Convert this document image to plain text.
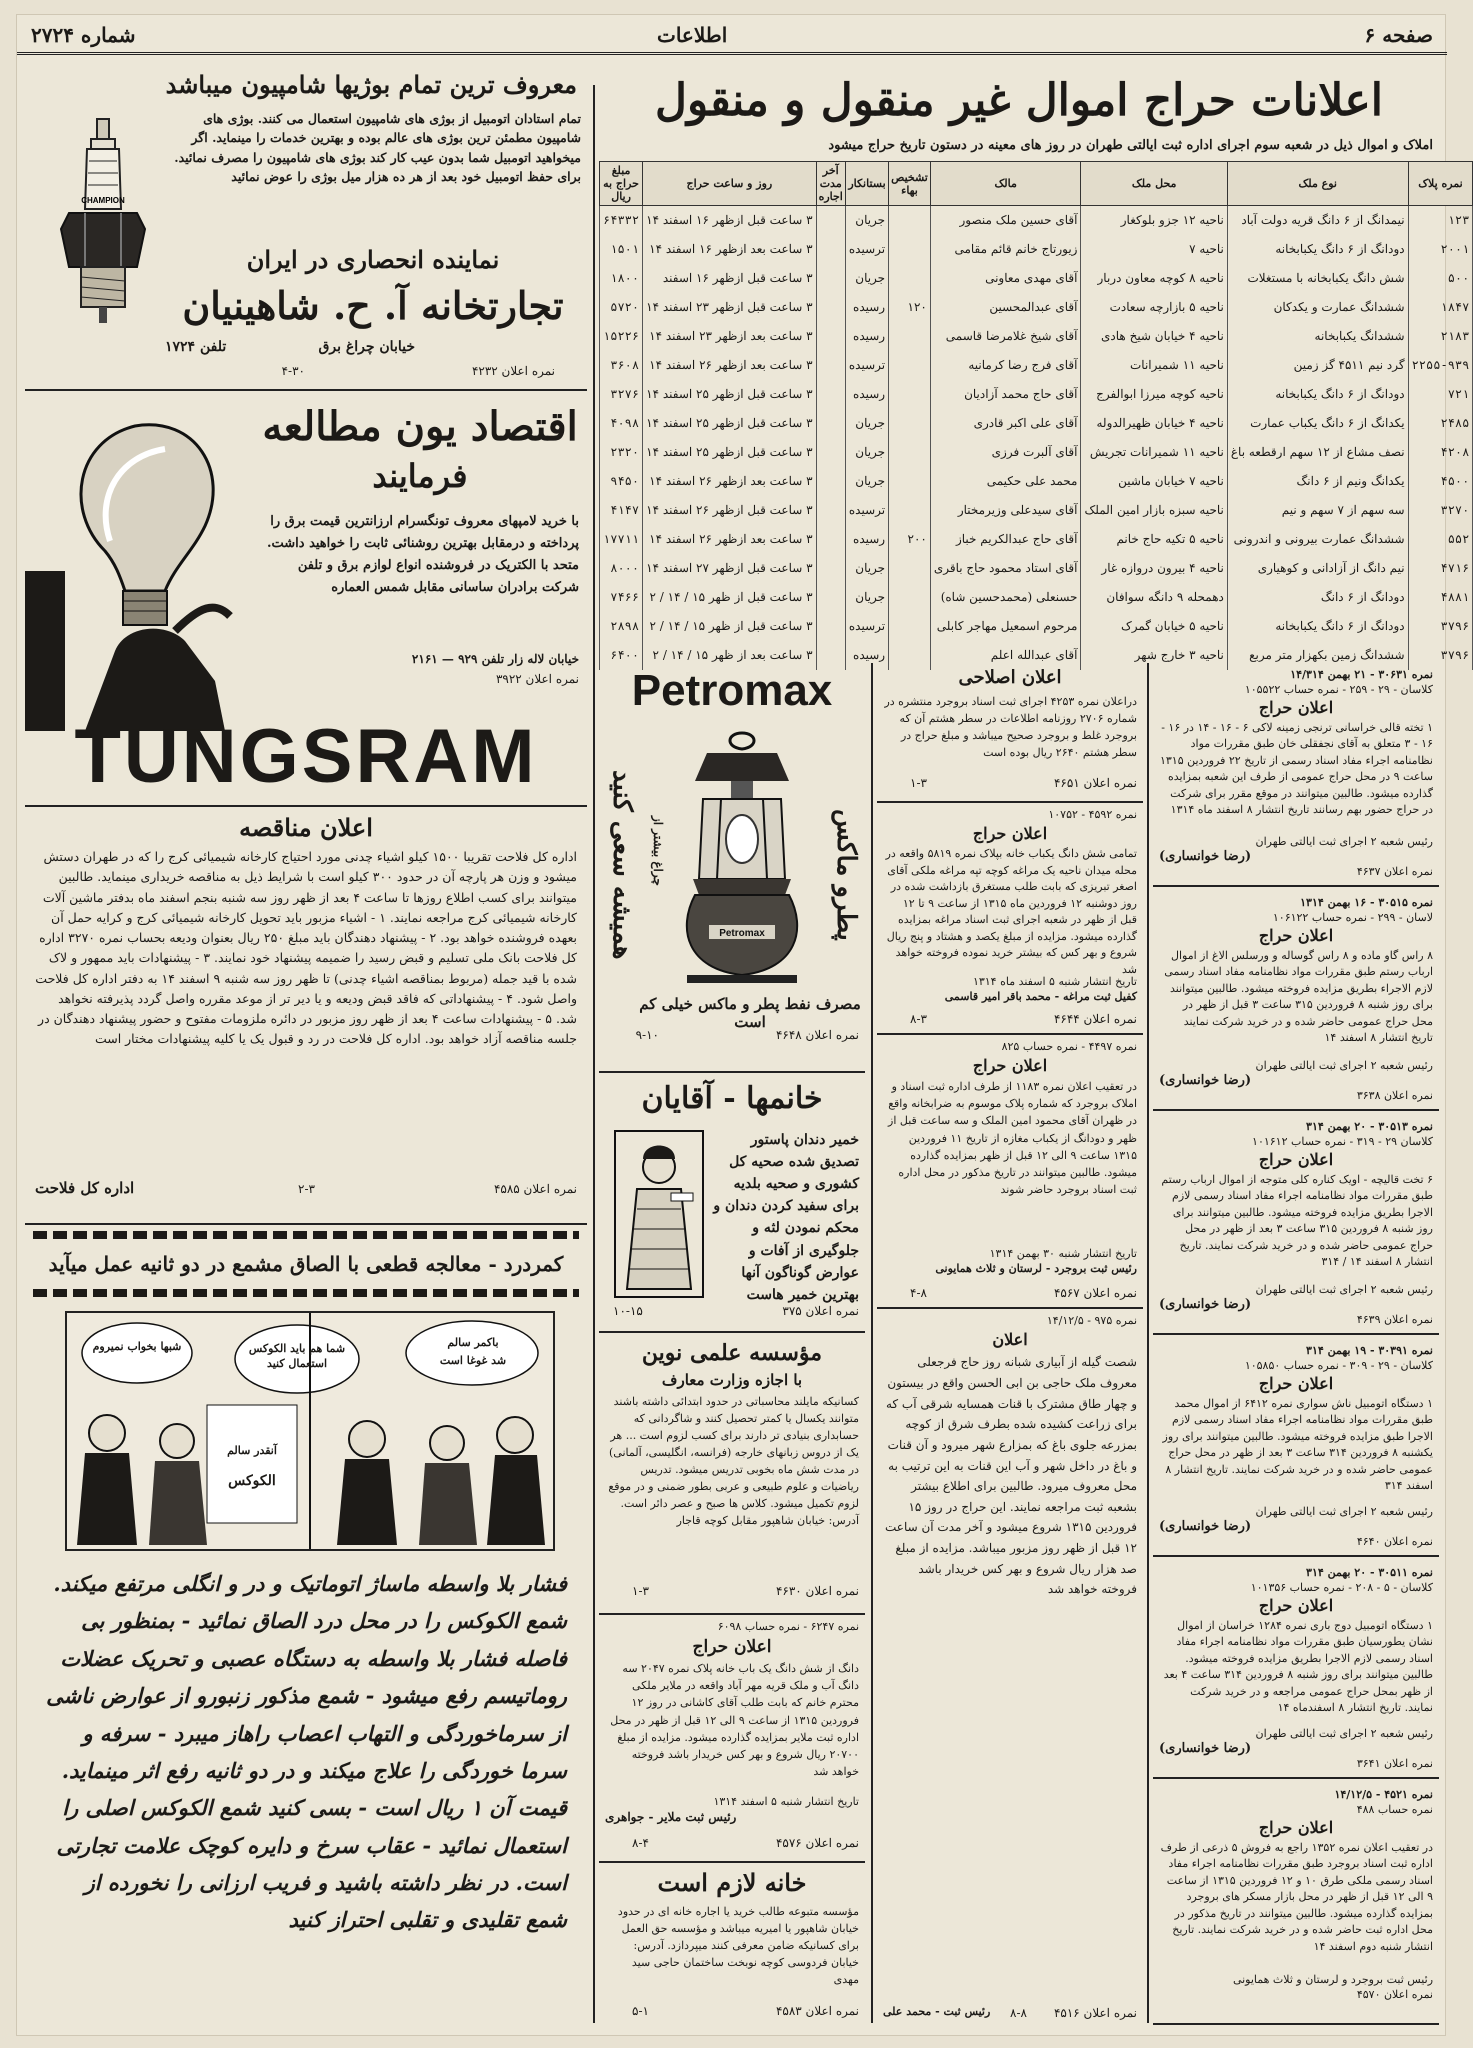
صفحه ۶
اطلاعات
شماره ۲۷۲۴
اعلانات حراج اموال غیر منقول و منقول
املاک و اموال ذیل در شعبه سوم اجرای اداره ثبت ایالتی طهران در روز های معینه در دستون تاریخ حراج میشود
نمره پلاک	نوع ملک	محل ملک	مالک	تشخیص بهاء	بستانکار	آخر مدت اجاره	روز و ساعت حراج	مبلغ حراج به ریال
۱۲۳	نیمدانگ از ۶ دانگ قریه دولت آباد	ناحیه ۱۲ جزو بلوکغار	آقای حسین ملک منصور		جریان		۳ ساعت قبل ازظهر ۱۶ اسفند ۱۴	۶۴۳۳۲
۲۰۰۱	دودانگ از ۶ دانگ یکبابخانه	ناحیه ۷	زیورتاج خانم قائم مقامی		ترسیده		۳ ساعت بعد ازظهر ۱۶ اسفند ۱۴	۱۵۰۱
۵۰۰	شش دانگ یکبابخانه با مستغلات	ناحیه ۸ کوچه معاون دربار	آقای مهدی معاونی		جریان		۳ ساعت قبل ازظهر ۱۶ اسفند	۱۸۰۰
۱۸۴۷	ششدانگ عمارت و یکدکان	ناحیه ۵ بازارچه سعادت	آقای عبدالمحسین	۱۲۰	رسیده		۳ ساعت قبل ازظهر ۲۳ اسفند ۱۴	۵۷۲۰
۲۱۸۳	ششدانگ یکبابخانه	ناحیه ۴ خیابان شیخ هادی	آقای شیخ غلامرضا قاسمی		رسیده		۳ ساعت بعد ازظهر ۲۳ اسفند ۱۴	۱۵۲۲۶
۲۲۵۵-۹۳۹	گرد نیم ۴۵۱۱ گز زمین	ناحیه ۱۱ شمیرانات	آقای فرج رضا کرمانیه		ترسیده		۳ ساعت بعد ازظهر ۲۶ اسفند ۱۴	۳۶۰۸
۷۲۱	دودانگ از ۶ دانگ یکبابخانه	ناحیه کوچه میرزا ابوالفرج	آقای حاج محمد آزادیان		رسیده		۳ ساعت قبل ازظهر ۲۵ اسفند ۱۴	۳۲۷۶
۲۴۸۵	یکدانگ از ۶ دانگ یکباب عمارت	ناحیه ۴ خیابان ظهیرالدوله	آقای علی اکبر قادری		جریان		۳ ساعت قبل ازظهر ۲۵ اسفند ۱۴	۴۰۹۸
۴۲۰۸	نصف مشاع از ۱۲ سهم ارقطعه باغ	ناحیه ۱۱ شمیرانات تجریش	آقای آلبرت فرزی		جریان		۳ ساعت قبل ازظهر ۲۵ اسفند ۱۴	۲۳۲۰
۴۵۰۰	یکدانگ ونیم از ۶ دانگ	ناحیه ۷ خیابان ماشین	محمد علی حکیمی		جریان		۳ ساعت بعد ازظهر ۲۶ اسفند ۱۴	۹۴۵۰
۳۲۷۰	سه سهم از ۷ سهم و نیم	ناحیه سبزه بازار امین الملک	آقای سیدعلی وزیرمختار		ترسیده		۳ ساعت قبل ازظهر ۲۶ اسفند ۱۴	۴۱۴۷
۵۵۲	ششدانگ عمارت بیرونی و اندرونی	ناحیه ۵ تکیه حاج خانم	آقای حاج عبدالکریم خباز	۲۰۰	رسیده		۳ ساعت بعد ازظهر ۲۶ اسفند ۱۴	۱۷۷۱۱
۴۷۱۶	نیم دانگ از آزادانی و کوهیاری	ناحیه ۴ بیرون دروازه غار	آقای استاد محمود حاج باقری		جریان		۳ ساعت قبل ازظهر ۲۷ اسفند ۱۴	۸۰۰۰
۴۸۸۱	دودانگ از ۶ دانگ	دهمحله ۹ دانگه سوافان	حسنعلی (محمدحسین شاه)		جریان		۳ ساعت قبل از ظهر ۱۵ / ۱۴ / ۲	۷۴۶۶
۳۷۹۶	دودانگ از ۶ دانگ یکبابخانه	ناحیه ۵ خیابان گمرک	مرحوم اسمعیل مهاجر کابلی		ترسیده		۳ ساعت قبل از ظهر ۱۵ / ۱۴ / ۲	۲۸۹۸
۳۷۹۶	ششدانگ زمین بکهزار متر مربع	ناحیه ۳ خارج شهر	آقای عبدالله اعلم		رسیده		۳ ساعت بعد از ظهر ۱۵ / ۱۴ / ۲	۶۴۰۰
معروف ترین تمام بوژیها شامپیون میباشد
تمام استادان اتومبیل از بوژی های شامپیون استعمال می کنند. بوژی های شامپیون مطمئن ترین بوژی های عالم بوده و بهترین خدمات را مینماید. اگر میخواهید اتومبیل شما بدون عیب کار کند بوژی های شامپیون را مصرف نمائید. برای حفظ اتومبیل خود بعد از هر ده هزار میل بوژی را عوض نمائید
CHAMPION
نماینده انحصاری در ایران
تجارتخانه آ. ح. شاهینیان
خیابان چراغ برق
تلفن ۱۷۲۴
نمره اعلان ۴۲۳۲
۴-۳۰
اقتصاد یون مطالعه
فرمایند
با خرید لامپهای معروف تونگسرام ارزانترین قیمت برق را پرداخته و درمقابل بهترین روشنائی ثابت را خواهید داشت. متحد با الکتریک در فروشنده انواع لوازم برق و تلفن شرکت برادران ساسانی مقابل شمس العماره
خیابان لاله زار تلفن ۹۲۹ — ۲۱۶۱
نمره اعلان ۳۹۲۲
TUNGSRAM
اعلان مناقصه
اداره کل فلاحت تقریبا ۱۵۰۰ کیلو اشیاء چدنی مورد احتیاج کارخانه شیمیائی کرج را که در طهران دستش میشود و وزن هر پارچه آن در حدود ۳۰۰ کیلو است با شرایط ذیل به مناقصه خریداری مینماید. طالبین میتوانند برای کسب اطلاع روزها تا ساعت ۴ بعد از ظهر روز سه شنبه بنجم اسفند ماه بدفتر ماشین آلات کارخانه شیمیائی کرج مراجعه نمایند. ۱ - اشیاء مزبور باید تحویل کارخانه شیمیائی کرج و کرایه حمل آن بعهده فروشنده خواهد بود. ۲ - پیشنهاد دهندگان باید مبلغ ۲۵۰ ریال بعنوان ودیعه بحساب نمره ۳۲۷۰ اداره کل فلاحت بانک ملی تسلیم و قبض رسید را ضمیمه پیشنهاد خود نمایند. ۳ - پیشنهادات باید ممهور و لاک شده با قید جمله (مربوط بمناقصه اشیاء چدنی) تا ظهر روز سه شنبه ۹ اسفند ۱۴ به دفتر اداره کل فلاحت واصل شود. ۴ - پیشنهاداتی که فاقد قبض ودیعه و یا دیر تر از موعد مقرره واصل گردد پذیرفته نخواهد شد. ۵ - پیشنهادات ساعت ۴ بعد از ظهر روز مزبور در دائره ملزومات مفتوح و حضور پیشنهاد دهندگان در جلسه مناقصه آزاد خواهد بود. اداره کل فلاحت در رد و قبول یک یا کلیه پیشنهادات مختار است
نمره اعلان ۴۵۸۵
۲-۳
اداره کل فلاحت
کمردرد - معالجه قطعی با الصاق مشمع در دو ثانیه عمل میآید
شبها بخواب نمیروم	شما هم باید الکوکس استعمال کنید
باکمر سالم
شد غوغا است
آنقدر سالم
الکوکس
فشار بلا واسطه ماساژ اتوماتیک و در و انگلی مرتفع میکند. شمع الکوکس را در محل درد الصاق نمائید - بمنظور بی فاصله فشار بلا واسطه به دستگاه عصبی و تحریک عضلات روماتیسم رفع میشود - شمع مذکور زنبورو از عوارض ناشی از سرماخوردگی و التهاب اعصاب راهاز میبرد - سرفه و سرما خوردگی را علاج میکند و در دو ثانیه رفع اثر مینماید. قیمت آن ۱ ریال است - بسی کنید شمع الکوکس اصلی را استعمال نمائید - عقاب سرخ و دایره کوچک علامت تجارتی است. در نظر داشته باشید و فریب ارزانی را نخورده از شمع تقلیدی و تقلبی احتراز کنید
Petromax
همیشه سعی کنید	چراغ بیشتر از	پطرو ماکس
Petromax
مصرف نفط پطر و ماکس خیلی کم است
نمره اعلان ۴۶۴۸
۹-۱۰
خانمها - آقایان
خمیر دندان پاستور تصدیق شده صحیه کل کشوری و صحیه بلدیه برای سفید کردن دندان و محکم نمودن لثه و جلوگیری از آفات و عوارض گوناگون آنها بهترین خمیر هاست
نمره اعلان ۳۷۵
۱۰-۱۵
مؤسسه علمی نوین
با اجازه وزارت معارف
کسانیکه مایلند محاسباتی در حدود ابتدائی داشته باشند متوانند یکسال یا کمتر تحصیل کنند و شاگردانی که حسابداری بنیادی تر دارند برای کسب لزوم است ... هر یک از دروس زبانهای خارجه (فرانسه، انگلیسی، آلمانی) در مدت شش ماه بخوبی تدریس میشود. تدریس ریاضیات و علوم طبیعی و عربی بطور ضمنی و در موقع لزوم تکمیل میشود. کلاس ها صبح و عصر دائر است. آدرس: خیابان شاهپور مقابل کوچه قاجار
نمره اعلان ۴۶۳۰
۱-۳
نمره ۶۲۴۷ - نمره حساب ۶۰۹۸
اعلان حراج
دانگ از شش دانگ یک باب خانه پلاک نمره ۲۰۴۷ سه دانگ آب و ملک قریه مهر آباد واقعه در ملایر ملکی محترم خانم که بابت طلب آقای کاشانی در روز ۱۲ فروردین ۱۳۱۵ از ساعت ۹ الی ۱۲ قبل از ظهر در محل اداره ثبت ملایر بمزایده گذارده میشود. مزایده از مبلغ ۲۰۷۰۰ ریال شروع و بهر کس خریدار باشد فروخته خواهد شد
تاریخ انتشار شنبه ۵ اسفند ۱۳۱۴
رئیس ثبت ملایر - جواهری
نمره اعلان ۴۵۷۶
۸-۴
خانه لازم است
مؤسسه متبوعه طالب خرید یا اجاره خانه ای در حدود خیابان شاهپور یا امیریه میباشد و مؤسسه حق العمل برای کسانیکه ضامن معرفی کنند میپردازد. آدرس: خیابان فردوسی کوچه نوبخت ساختمان حاجی سید مهدی
نمره اعلان ۴۵۸۳
۵-۱
اعلان اصلاحی
دراعلان نمره ۴۲۵۳ اجرای ثبت اسناد بروجرد منتشره در شماره ۲۷۰۶ روزنامه اطلاعات در سطر هشتم آن که بروجرد غلط و بروجرد صحیح میباشد و مبلغ حراج در سطر هشتم ۲۶۴۰ ریال بوده است
نمره اعلان ۴۶۵۱
۱-۳
نمره ۴۵۹۲ - ۱۰۷۵۲
اعلان حراج
تمامی شش دانگ یکباب خانه بپلاک نمره ۵۸۱۹ واقعه در محله میدان ناحیه یک مراغه کوچه تپه مراغه ملکی آقای اصغر تبریزی که بابت طلب مستغرق بازداشت شده در روز دوشنبه ۱۲ فروردین ماه ۱۳۱۵ از ساعت ۹ تا ۱۲ قبل از ظهر در شعبه اجرای ثبت اسناد مراغه بمزایده گذارده میشود. مزایده از مبلغ یکصد و هشتاد و پنج ریال شروع و بهر کس که بیشتر خرید نموده فروخته خواهد شد
تاریخ انتشار شنبه ۵ اسفند ماه ۱۳۱۴
کفیل ثبت مراغه - محمد باقر امیر قاسمی
نمره اعلان ۴۶۴۴
۸-۳
نمره ۴۴۹۷ - نمره حساب ۸۲۵
اعلان حراج
در تعقیب اعلان نمره ۱۱۸۳ از طرف اداره ثبت اسناد و املاک بروجرد که شماره پلاک موسوم به ضرابخانه واقع در ظهران آقای محمود امین الملک و سه ساعت قبل از ظهر و دودانگ از یکباب مغازه از تاریخ ۱۱ فروردین ۱۳۱۵ ساعت ۹ الی ۱۲ قبل از ظهر بمزایده گذارده میشود. طالبین میتوانند در تاریخ مذکور در محل اداره ثبت اسناد بروجرد حاضر شوند
تاریخ انتشار شنبه ۳۰ بهمن ۱۳۱۴
رئیس ثبت بروجرد - لرستان و ثلاث همایونی
نمره اعلان ۴۵۶۷
۴-۸
نمره ۹۷۵ - ۱۴/۱۲/۵
اعلان
شصت گیله از آبیاری شبانه روز حاج فرجعلی معروف ملک حاجی بن ابی الحسن واقع در بیستون و چهار طاق مشترک با قنات همسایه شرقی آب که برای زراعت کشیده شده بطرف شرق از کوچه بمزرعه جلوی باغ که بمزارع شهر میرود و آن قنات و باغ در داخل شهر و آب این قنات به این ترتیب به محل معروف میرود. طالبین برای اطلاع بیشتر بشعبه ثبت مراجعه نمایند. این حراج در روز ۱۵ فروردین ۱۳۱۵ شروع میشود و آخر مدت آن ساعت ۱۲ قبل از ظهر روز مزبور میباشد. مزایده از مبلغ صد هزار ریال شروع و بهر کس خریدار باشد فروخته خواهد شد
نمره اعلان ۴۵۱۶
۸-۸
رئیس ثبت - محمد علی
نمره ۳۰۶۳۱ - ۲۱ بهمن ۱۴/۳۱۴
کلاسان - ۲۹ - ۲۵۹ - نمره حساب ۱۰۵۵۲۲
اعلان حراج
۱ تخته قالی خراسانی ترنجی زمینه لاکی ۶ - ۱۶ - ۱۴ در ۱۶ - ۱۶ - ۳ متعلق به آقای نجفقلی خان طبق مقررات مواد نظامنامه اجراء مفاد اسناد رسمی از تاریخ ۲۲ فروردین ۱۳۱۵ ساعت ۹ در محل حراج عمومی از طرف این شعبه بمزایده گذارده میشود. طالبین میتوانند در موقع مقرر برای شرکت در حراج حضور بهم رسانند تاریخ انتشار ۸ اسفند ماه ۱۳۱۴
رئیس شعبه ۲ اجرای ثبت ایالتی طهران
(رضا خوانساری)
نمره اعلان ۴۶۳۷
نمره ۳۰۵۱۵ - ۱۶ بهمن ۱۳۱۴
لاسان - ۲۹۹ - نمره حساب ۱۰۶۱۲۲
اعلان حراج
۸ راس گاو ماده و ۸ راس گوساله و ورسلس الاغ از اموال ارباب رستم طبق مقررات مواد نظامنامه مفاد اسناد رسمی لازم الاجراء بطریق مزایده فروخته میشود. طالبین میتوانند برای روز شنبه ۸ فروردین ۳۱۵ ساعت ۳ قبل از ظهر در محل حراج عمومی حاضر شده و در خرید شرکت نمایند تاریخ انتشار ۸ اسفند ۱۴
رئیس شعبه ۲ اجرای ثبت ایالتی طهران
(رضا خوانساری)
نمره اعلان ۳۶۳۸
نمره ۳۰۵۱۳ - ۲۰ بهمن ۳۱۴
کلاسان ۲۹ - ۳۱۹ - نمره حساب ۱۰۱۶۱۲
اعلان حراج
۶ تخت قالیچه - اویک کناره کلی متوجه از اموال ارباب رستم طبق مقررات مواد نظامنامه اجراء مفاد اسناد رسمی لازم الاجرا بطریق مزایده فروخته میشود. طالبین میتوانند برای روز شنبه ۸ فروردین ۳۱۵ ساعت ۳ بعد از ظهر در محل حراج عمومی حاضر شده و در خرید شرکت نمایند. تاریخ انتشار ۸ اسفند ۱۴ / ۳۱۴
رئیس شعبه ۲ اجرای ثبت ایالتی طهران
(رضا خوانساری)
نمره اعلان ۴۶۳۹
نمره ۳۰۳۹۱ - ۱۹ بهمن ۳۱۴
کلاسان - ۲۹ - ۳۰۹ - نمره حساب ۱۰۵۸۵۰
اعلان حراج
۱ دستگاه اتومبیل ناش سواری نمره ۶۴۱۲ از اموال محمد طبق مقررات مواد نظامنامه اجراء مفاد اسناد رسمی لازم الاجرا طبق مزایده فروخته میشود. طالبین میتوانند برای روز یکشنبه ۸ فروردین ۳۱۴ ساعت ۳ بعد از ظهر در محل حراج عمومی حاضر شده و در خرید شرکت نمایند. تاریخ انتشار ۸ اسفند ۳۱۴
رئیس شعبه ۲ اجرای ثبت ایالتی طهران
(رضا خوانساری)
نمره اعلان ۴۶۴۰
نمره ۳۰۵۱۱ - ۲۰ بهمن ۳۱۴
کلاسان - ۵ - ۲۰۸ - نمره حساب ۱۰۱۳۵۶
اعلان حراج
۱ دستگاه اتومبیل دوج باری نمره ۱۲۸۴ خراسان از اموال نشان یطورسیان طبق مقررات مواد نظامنامه اجراء مفاد اسناد رسمی لازم الاجرا بطریق مزایده فروخته میشود. طالبین میتوانند برای روز شنبه ۸ فروردین ۳۱۴ ساعت ۴ بعد از ظهر بمحل حراج عمومی مراجعه و در خرید شرکت نمایند. تاریخ انتشار ۸ اسفندماه ۱۴
رئیس شعبه ۲ اجرای ثبت ایالتی طهران
(رضا خوانساری)
نمره اعلان ۳۶۴۱
نمره ۴۵۲۱ - ۱۴/۱۲/۵
نمره حساب ۴۸۸
اعلان حراج
در تعقیب اعلان نمره ۱۳۵۲ راجع به فروش ۵ ذرعی از طرف اداره ثبت اسناد بروجرد طبق مقررات نظامنامه اجراء مفاد اسناد رسمی ملکی طرق ۱۰ و ۱۲ فروردین ۱۳۱۵ از ساعت ۹ الی ۱۲ قبل از ظهر در محل بازار مسکر های بروجرد بمزایده گذارده میشود. طالبین میتوانند در تاریخ مذکور در محل اداره ثبت حاضر شده و در خرید شرکت نمایند. تاریخ انتشار شنبه دوم اسفند ۱۴
رئیس ثبت بروجرد و لرستان و ثلاث همایونی
نمره اعلان ۴۵۷۰
